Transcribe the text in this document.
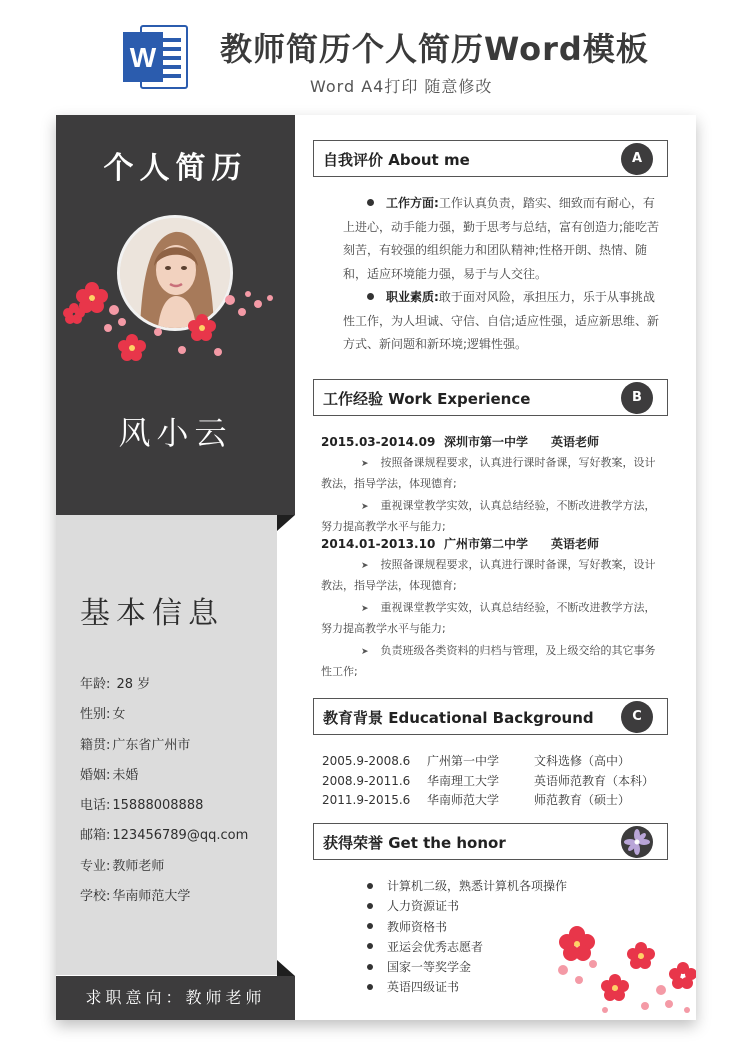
W 教师简历个人简历Word模板
Word A4打印 随意修改
个人简历
风小云
基本信息
年龄: 28 岁
性别: 女
籍贯: 广东省广州市
婚姻: 未婚
电话: 15888008888
邮箱: 123456789@qq.com
专业: 教师老师
学校: 华南师范大学
求职意向：教师老师
自我评价 About me	A

工作方面:工作认真负责，踏实、细致而有耐心，有上进心，动手能力强，勤于思考与总结，富有创造力;能吃苦刻苦，有较强的组织能力和团队精神;性格开朗、热情、随和，适应环境能力强，易于与人交往。

职业素质:敢于面对风险，承担压力，乐于从事挑战性工作，为人坦诚、守信、自信;适应性强，适应新思维、新方式、新问题和新环境;逻辑性强。

工作经验 Work Experience	B
2015.03-2014.09 深圳市第一中学 英语老师
➤ 按照备课规程要求，认真进行课时备课，写好教案，设计教法，指导学法，体现德育;
➤ 重视课堂教学实效，认真总结经验，不断改进教学方法，努力提高教学水平与能力;
2014.01-2013.10 广州市第二中学 英语老师
➤ 按照备课规程要求，认真进行课时备课，写好教案，设计教法，指导学法，体现德育;
➤ 重视课堂教学实效，认真总结经验，不断改进教学方法，努力提高教学水平与能力;
➤ 负责班级各类资料的归档与管理，及上级交给的其它事务性工作;
教育背景 Educational Background	C
2005.9-2008.6 广州第一中学	文科选修（高中）
2008.9-2011.6 华南理工大学	英语师范教育（本科）
2011.9-2015.6 华南师范大学	师范教育（硕士）
获得荣誉 Get the honor
计算机二级，熟悉计算机各项操作
人力资源证书
教师资格书
亚运会优秀志愿者
国家一等奖学金
英语四级证书
